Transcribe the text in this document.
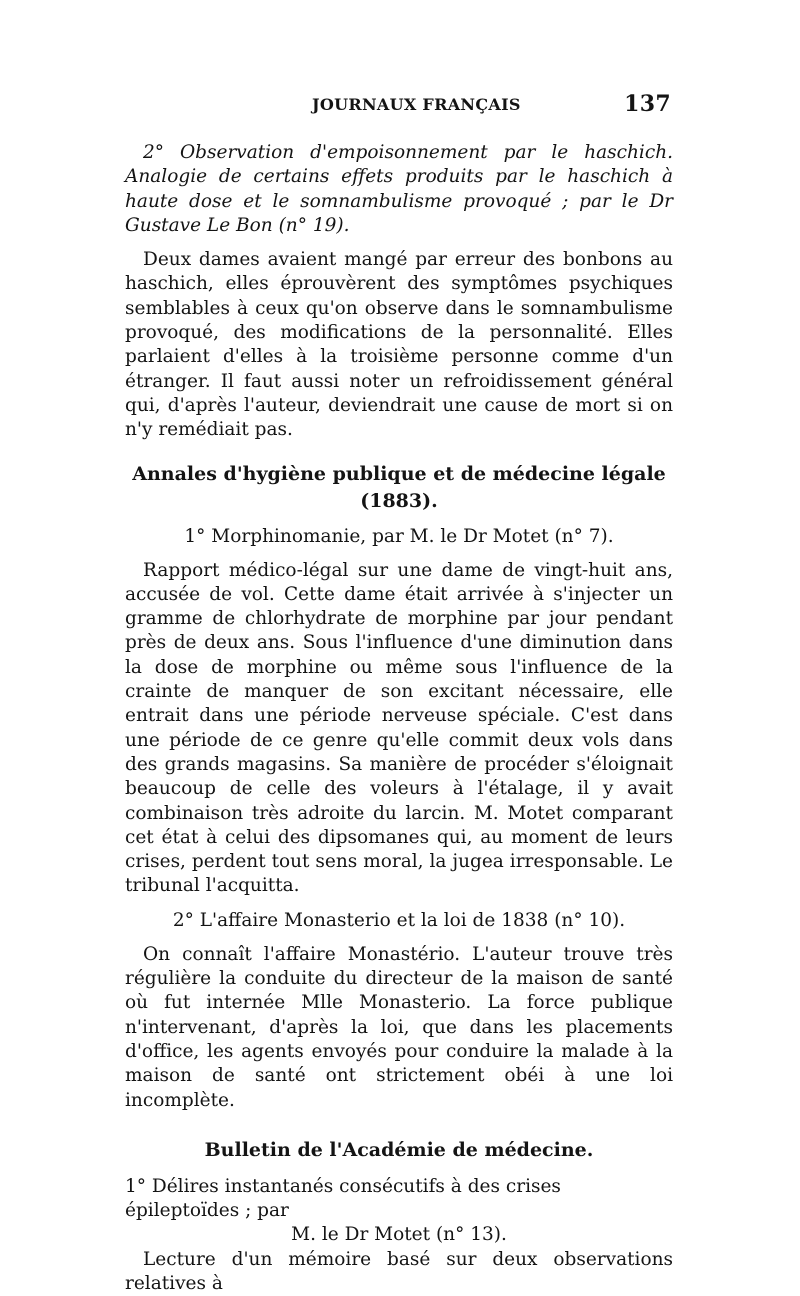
JOURNAUX FRANÇAIS	137

2° Observation d'empoisonnement par le haschich. Analogie de certains effets produits par le haschich à haute dose et le somnambulisme provoqué ; par le Dr Gustave Le Bon (n° 19).

Deux dames avaient mangé par erreur des bonbons au haschich, elles éprouvèrent des symptômes psychiques semblables à ceux qu'on observe dans le somnambulisme provoqué, des modifications de la personnalité. Elles parlaient d'elles à la troisième personne comme d'un étranger. Il faut aussi noter un refroidissement général qui, d'après l'auteur, deviendrait une cause de mort si on n'y remédiait pas.

Annales d'hygiène publique et de médecine légale
(1883).

1° Morphinomanie, par M. le Dr Motet (n° 7).

Rapport médico-légal sur une dame de vingt-huit ans, accusée de vol. Cette dame était arrivée à s'injecter un gramme de chlorhydrate de morphine par jour pendant près de deux ans. Sous l'influence d'une diminution dans la dose de morphine ou même sous l'influence de la crainte de manquer de son excitant nécessaire, elle entrait dans une période nerveuse spéciale. C'est dans une période de ce genre qu'elle commit deux vols dans des grands magasins. Sa manière de procéder s'éloignait beaucoup de celle des voleurs à l'étalage, il y avait combinaison très adroite du larcin. M. Motet comparant cet état à celui des dipsomanes qui, au moment de leurs crises, perdent tout sens moral, la jugea irresponsable. Le tribunal l'acquitta.

2° L'affaire Monasterio et la loi de 1838 (n° 10).

On connaît l'affaire Monastério. L'auteur trouve très régulière la conduite du directeur de la maison de santé où fut internée Mlle Monasterio. La force publique n'intervenant, d'après la loi, que dans les placements d'office, les agents envoyés pour conduire la malade à la maison de santé ont strictement obéi à une loi incomplète.

Bulletin de l'Académie de médecine.

1° Délires instantanés consécutifs à des crises épileptoïdes ; par

M. le Dr Motet (n° 13).

Lecture d'un mémoire basé sur deux observations relatives à
